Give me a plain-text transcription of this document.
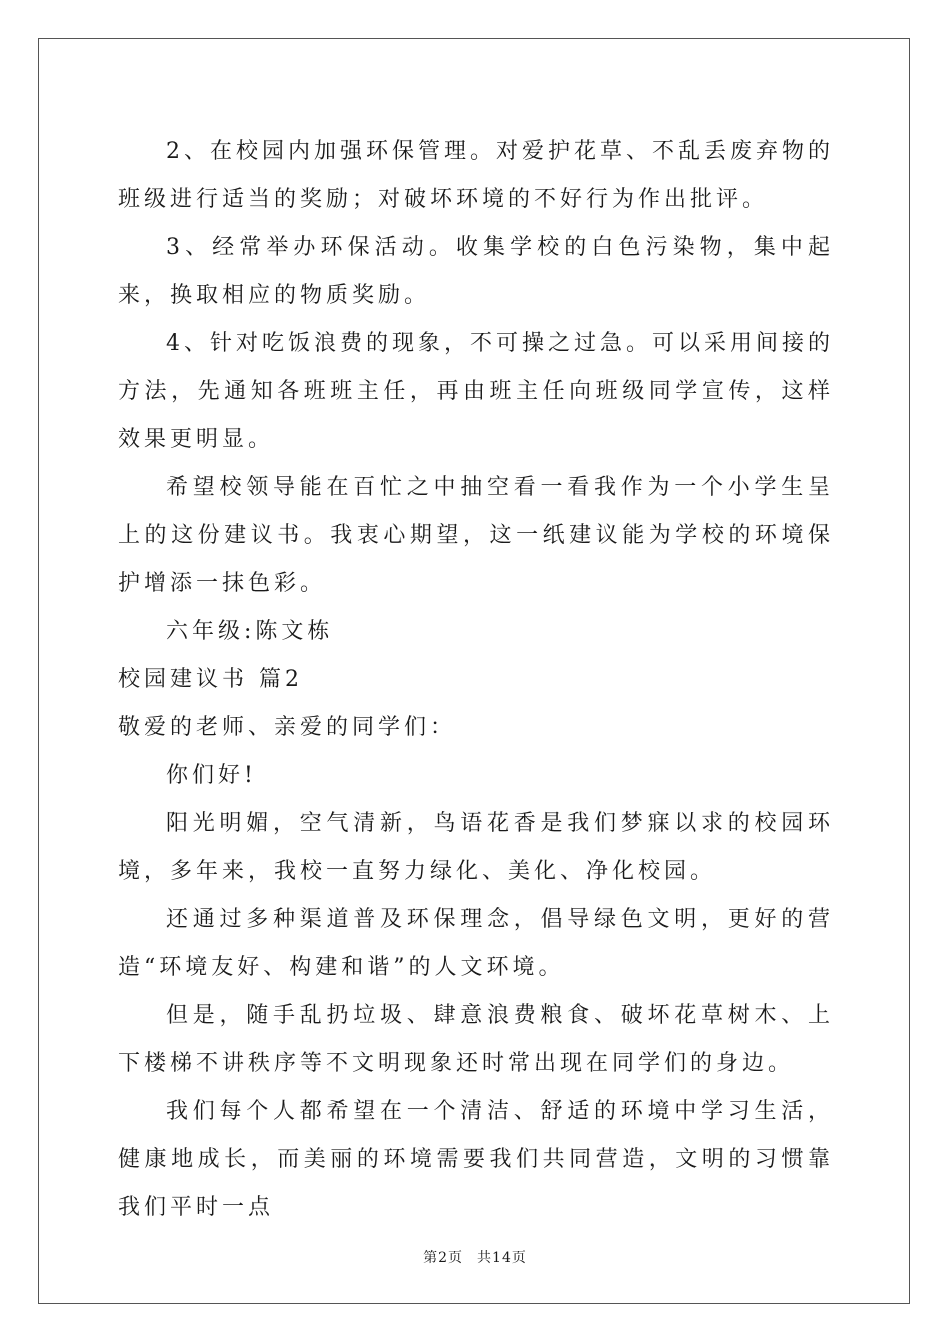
2、在校园内加强环保管理。对爱护花草、不乱丢废弃物的班级进行适当的奖励；对破坏环境的不好行为作出批评。

3、经常举办环保活动。收集学校的白色污染物，集中起来，换取相应的物质奖励。

4、针对吃饭浪费的现象，不可操之过急。可以采用间接的方法，先通知各班班主任，再由班主任向班级同学宣传，这样效果更明显。

希望校领导能在百忙之中抽空看一看我作为一个小学生呈上的这份建议书。我衷心期望，这一纸建议能为学校的环境保护增添一抹色彩。

六年级:陈文栋

校园建议书 篇2

敬爱的老师、亲爱的同学们：

你们好!

阳光明媚，空气清新，鸟语花香是我们梦寐以求的校园环境，多年来，我校一直努力绿化、美化、净化校园。

还通过多种渠道普及环保理念，倡导绿色文明，更好的营造“环境友好、构建和谐”的人文环境。

但是，随手乱扔垃圾、肆意浪费粮食、破坏花草树木、上下楼梯不讲秩序等不文明现象还时常出现在同学们的身边。

我们每个人都希望在一个清洁、舒适的环境中学习生活，健康地成长，而美丽的环境需要我们共同营造，文明的习惯靠我们平时一点

第2页 共14页
